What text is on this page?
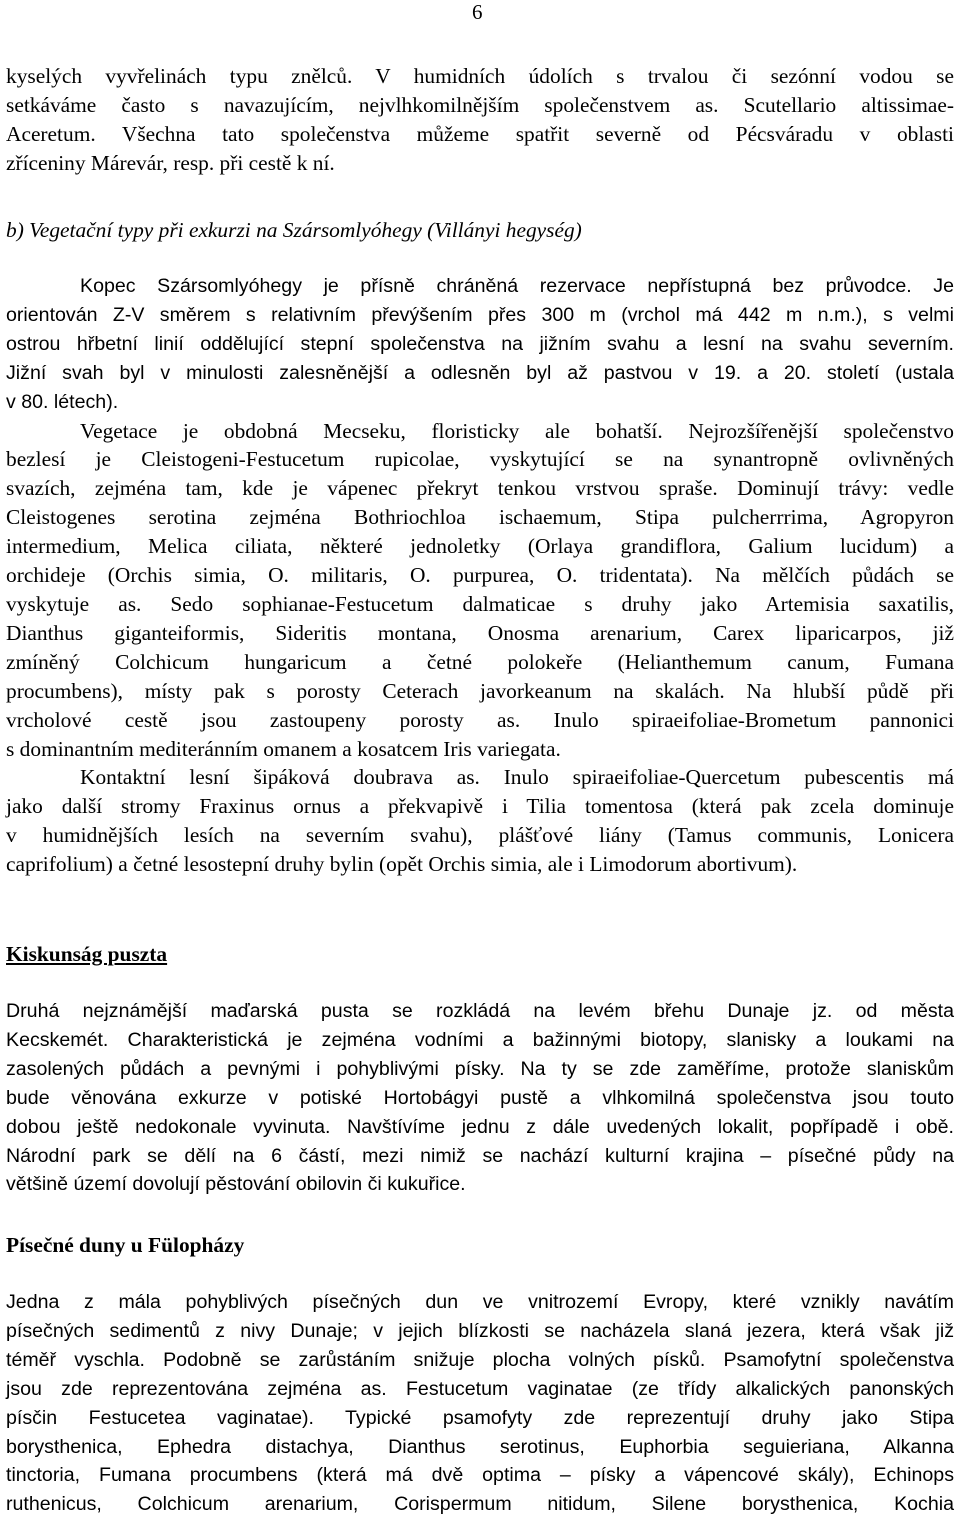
6

kyselých vyvřelinách typu znělců. V humidních údolích s trvalou či sezónní vodou se
setkáváme často s navazujícím, nejvlhkomilnějším společenstvem as. Scutellario altissimae-
Aceretum. Všechna tato společenstva můžeme spatřit severně od Pécsváradu v oblasti
zříceniny Márevár, resp. při cestě k ní.

b) Vegetační typy při exkurzi na Szársomlyóhegy (Villányi hegység)

Kopec Szársomlyóhegy je přísně chráněná rezervace nepřístupná bez průvodce. Je
orientován Z-V směrem s relativním převýšením přes 300 m (vrchol má 442 m n.m.), s velmi
ostrou hřbetní linií oddělující stepní společenstva na jižním svahu a lesní na svahu severním.
Jižní svah byl v minulosti zalesněnější a odlesněn byl až pastvou v 19. a 20. století (ustala
v 80. létech).

Vegetace je obdobná Mecseku, floristicky ale bohatší. Nejrozšířenější společenstvo
bezlesí je Cleistogeni-Festucetum rupicolae, vyskytující se na synantropně ovlivněných
svazích, zejména tam, kde je vápenec překryt tenkou vrstvou spraše. Dominují trávy: vedle
Cleistogenes serotina zejména Bothriochloa ischaemum, Stipa pulcherrrima, Agropyron
intermedium, Melica ciliata, některé jednoletky (Orlaya grandiflora, Galium lucidum) a
orchideje (Orchis simia, O. militaris, O. purpurea, O. tridentata). Na mělčích půdách se
vyskytuje as. Sedo sophianae-Festucetum dalmaticae s druhy jako Artemisia saxatilis,
Dianthus giganteiformis, Sideritis montana, Onosma arenarium, Carex liparicarpos, již
zmíněný Colchicum hungaricum a četné polokeře (Helianthemum canum, Fumana
procumbens), místy pak s porosty Ceterach javorkeanum na skalách. Na hlubší půdě při
vrcholové cestě jsou zastoupeny porosty as. Inulo spiraeifoliae-Brometum pannonici
s dominantním mediteránním omanem a kosatcem Iris variegata.

Kontaktní lesní šipáková doubrava as. Inulo spiraeifoliae-Quercetum pubescentis má
jako další stromy Fraxinus ornus a překvapivě i Tilia tomentosa (která pak zcela dominuje
v humidnějších lesích na severním svahu), plášťové liány (Tamus communis, Lonicera
caprifolium) a četné lesostepní druhy bylin (opět Orchis simia, ale i Limodorum abortivum).

Kiskunság puszta

Druhá nejznámější maďarská pusta se rozkládá na levém břehu Dunaje jz. od města
Kecskemét. Charakteristická je zejména vodními a bažinnými biotopy, slanisky a loukami na
zasolených půdách a pevnými i pohyblivými písky. Na ty se zde zaměříme, protože slaniskům
bude věnována exkurze v potiské Hortobágyi pustě a vlhkomilná společenstva jsou touto
dobou ještě nedokonale vyvinuta. Navštívíme jednu z dále uvedených lokalit, popřípadě i obě.
Národní park se dělí na 6 částí, mezi nimiž se nachází kulturní krajina – písečné půdy na
většině území dovolují pěstování obilovin či kukuřice.

Písečné duny u Fülopházy

Jedna z mála pohyblivých písečných dun ve vnitrozemí Evropy, které vznikly navátím
písečných sedimentů z nivy Dunaje; v jejich blízkosti se nacházela slaná jezera, která však již
téměř vyschla. Podobně se zarůstáním snižuje plocha volných písků. Psamofytní společenstva
jsou zde reprezentována zejména as. Festucetum vaginatae (ze třídy alkalických panonských
písčin Festucetea vaginatae). Typické psamofyty zde reprezentují druhy jako Stipa
borysthenica, Ephedra distachya, Dianthus serotinus, Euphorbia seguieriana, Alkanna
tinctoria, Fumana procumbens (která má dvě optima – písky a vápencové skály), Echinops
ruthenicus, Colchicum arenarium, Corispermum nitidum, Silene borysthenica, Kochia
